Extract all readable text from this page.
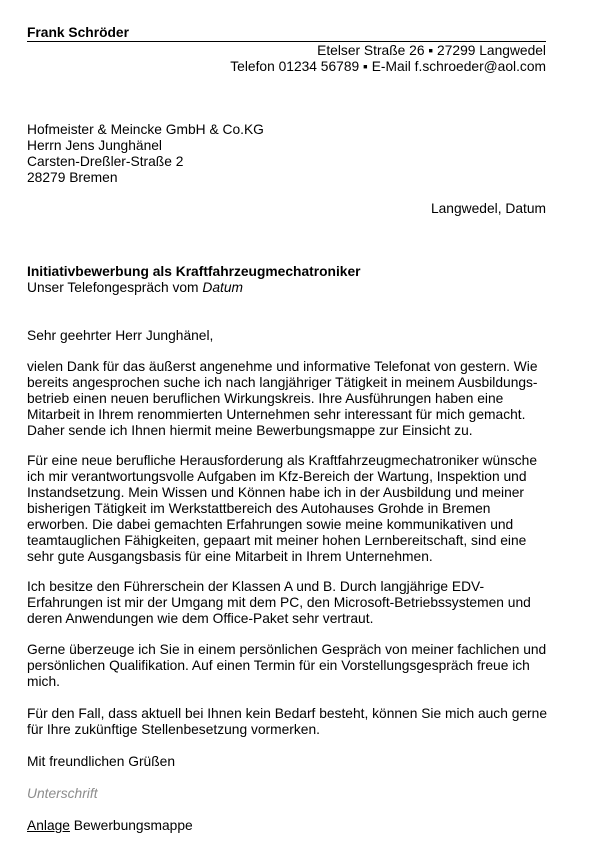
Frank Schröder
Etelser Straße 26 ▪ 27299 Langwedel
Telefon 01234 56789 ▪ E-Mail f.schroeder@aol.com
Hofmeister & Meincke GmbH & Co.KG
Herrn Jens Junghänel
Carsten-Dreßler-Straße 2
28279 Bremen
Langwedel, Datum
Initiativbewerbung als Kraftfahrzeugmechatroniker
Unser Telefongespräch vom Datum
Sehr geehrter Herr Junghänel,
vielen Dank für das äußerst angenehme und informative Telefonat von gestern. Wie
bereits angesprochen suche ich nach langjähriger Tätigkeit in meinem Ausbildungs-
betrieb einen neuen beruflichen Wirkungskreis. Ihre Ausführungen haben eine
Mitarbeit in Ihrem renommierten Unternehmen sehr interessant für mich gemacht.
Daher sende ich Ihnen hiermit meine Bewerbungsmappe zur Einsicht zu.
Für eine neue berufliche Herausforderung als Kraftfahrzeugmechatroniker wünsche
ich mir verantwortungsvolle Aufgaben im Kfz-Bereich der Wartung, Inspektion und
Instandsetzung. Mein Wissen und Können habe ich in der Ausbildung und meiner
bisherigen Tätigkeit im Werkstattbereich des Autohauses Grohde in Bremen
erworben. Die dabei gemachten Erfahrungen sowie meine kommunikativen und
teamtauglichen Fähigkeiten, gepaart mit meiner hohen Lernbereitschaft, sind eine
sehr gute Ausgangsbasis für eine Mitarbeit in Ihrem Unternehmen.
Ich besitze den Führerschein der Klassen A und B. Durch langjährige EDV-
Erfahrungen ist mir der Umgang mit dem PC, den Microsoft-Betriebssystemen und
deren Anwendungen wie dem Office-Paket sehr vertraut.
Gerne überzeuge ich Sie in einem persönlichen Gespräch von meiner fachlichen und
persönlichen Qualifikation. Auf einen Termin für ein Vorstellungsgespräch freue ich
mich.
Für den Fall, dass aktuell bei Ihnen kein Bedarf besteht, können Sie mich auch gerne
für Ihre zukünftige Stellenbesetzung vormerken.
Mit freundlichen Grüßen
Unterschrift
Anlage Bewerbungsmappe
